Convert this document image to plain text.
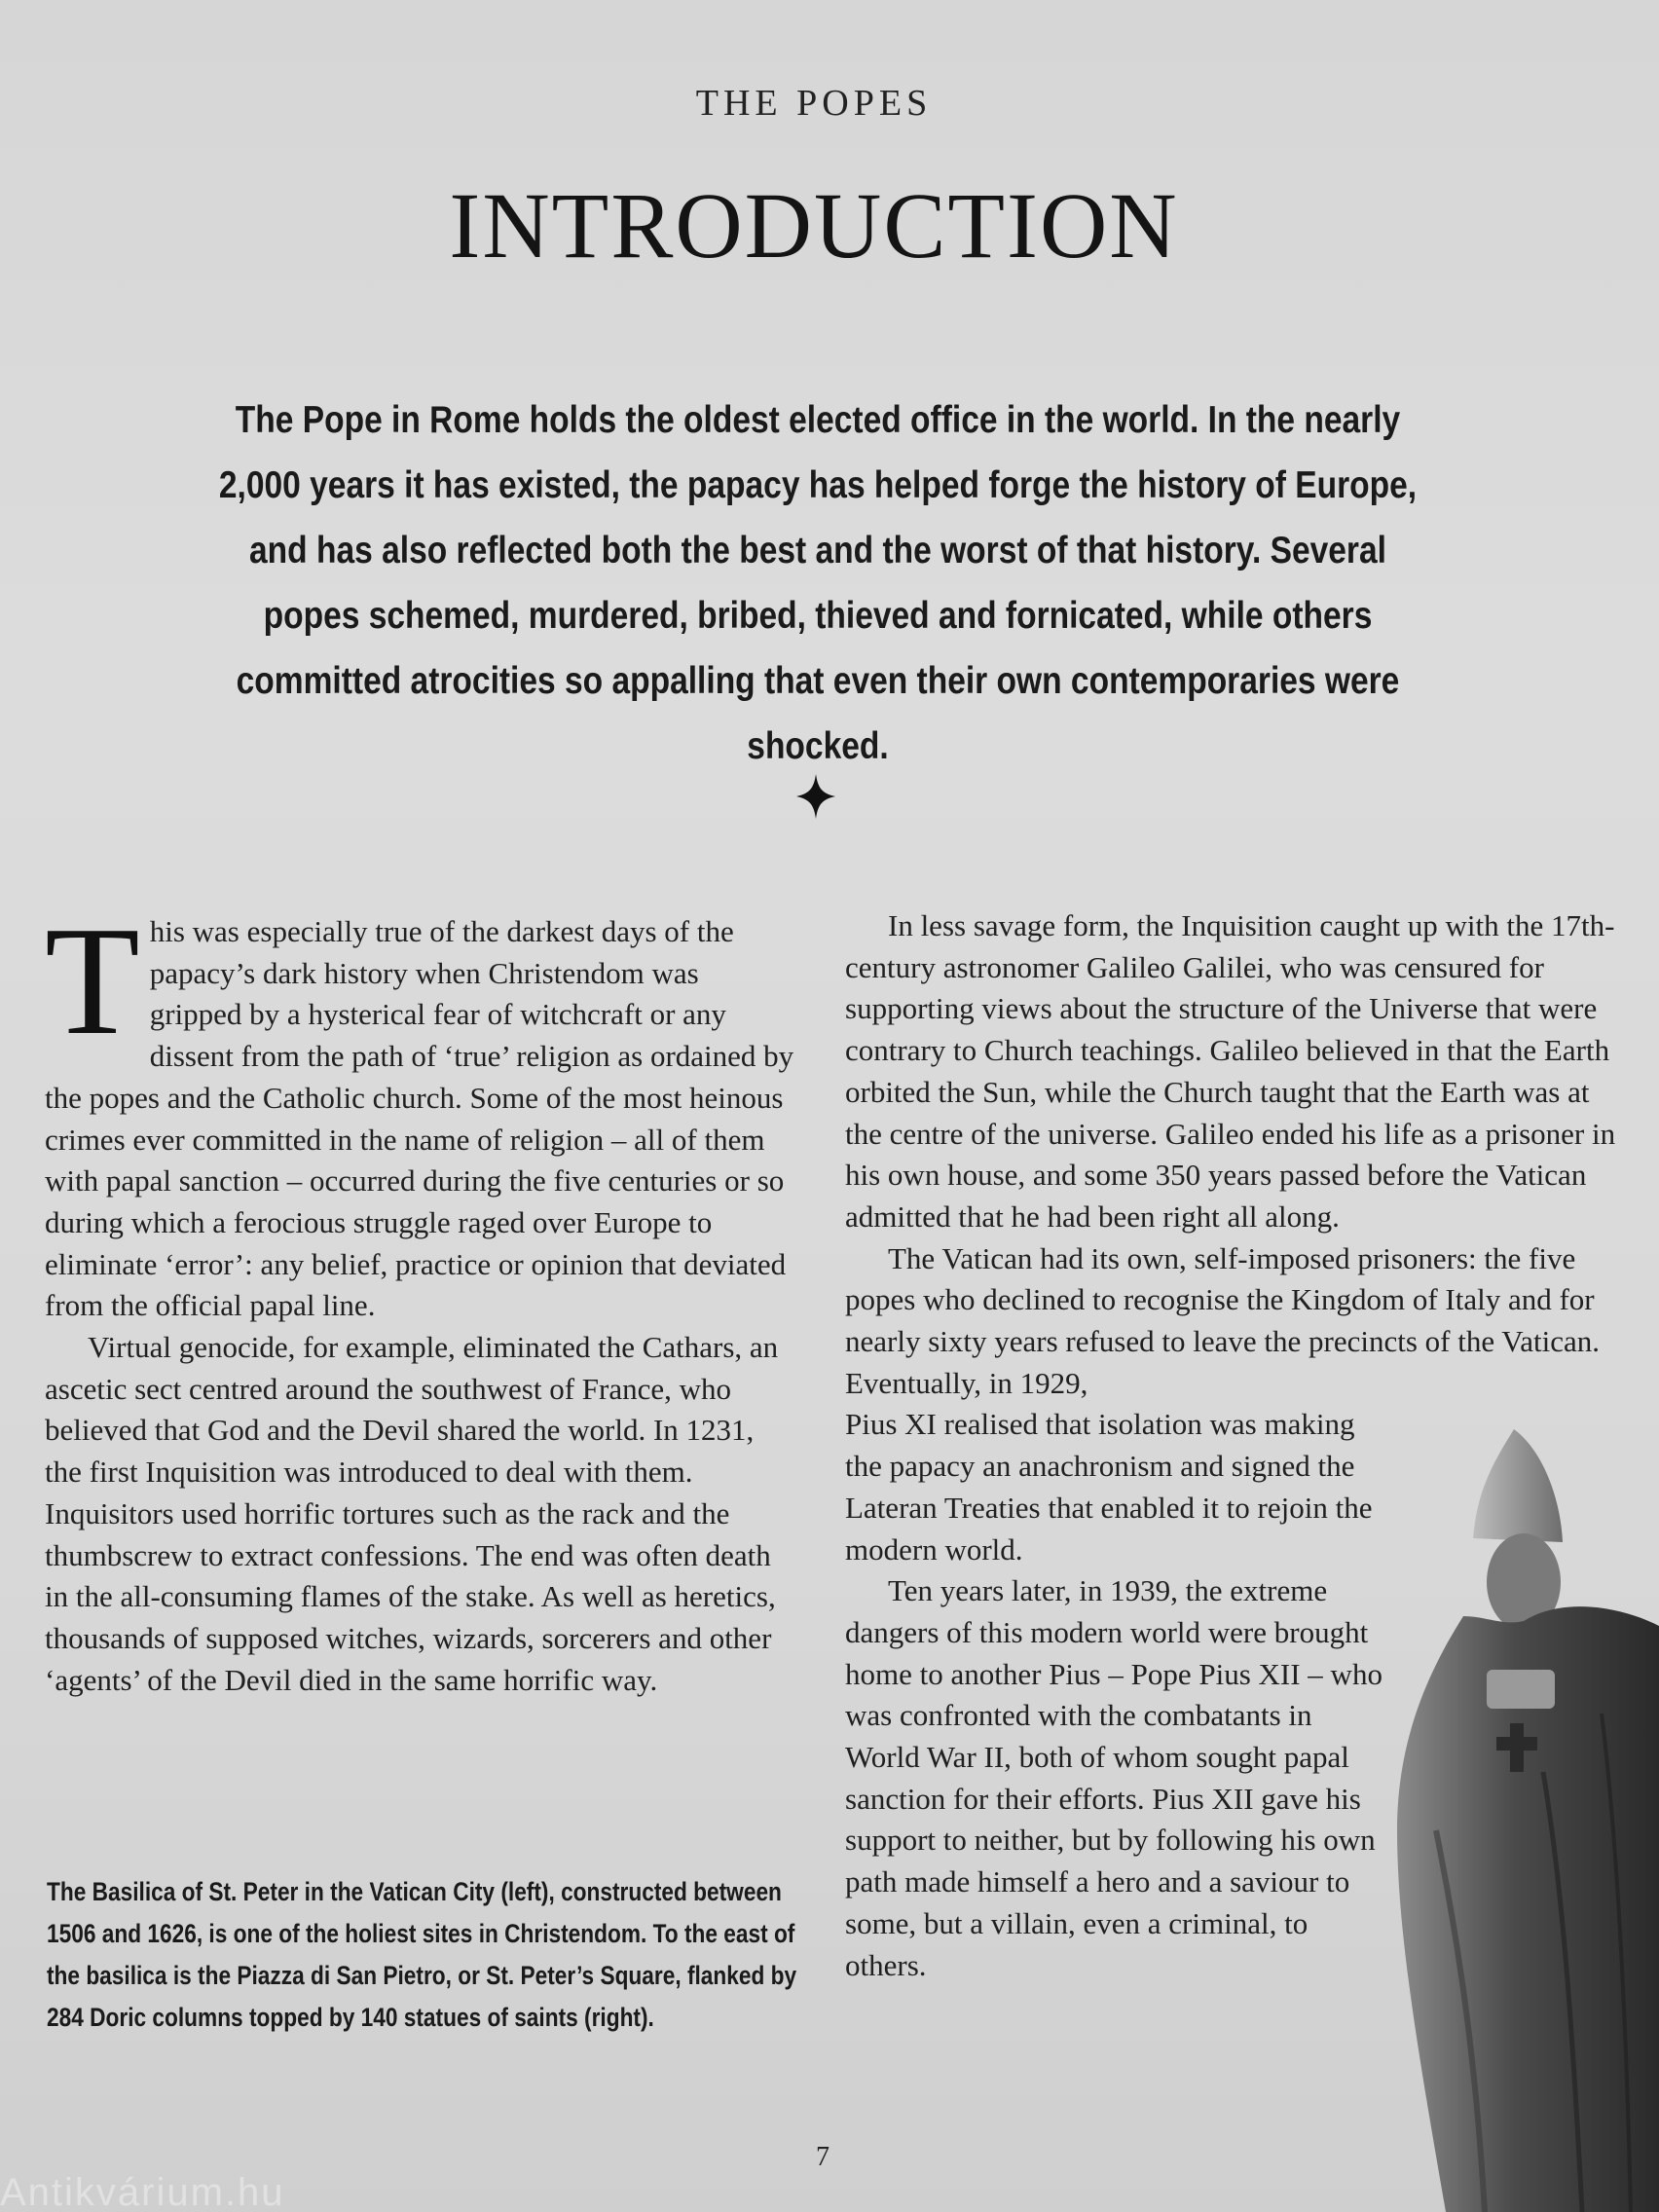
THE POPES
INTRODUCTION
The Pope in Rome holds the oldest elected office in the world. In the nearly 2,000 years it has existed, the papacy has helped forge the history of Europe, and has also reflected both the best and the worst of that history. Several popes schemed, murdered, bribed, thieved and fornicated, while others committed atrocities so appalling that even their own contemporaries were shocked.

This was especially true of the darkest days of the papacy’s dark history when Christendom was gripped by a hysterical fear of witchcraft or any dissent from the path of ‘true’ religion as ordained by the popes and the Catholic church. Some of the most heinous crimes ever committed in the name of religion – all of them with papal sanction – occurred during the five centuries or so during which a ferocious struggle raged over Europe to eliminate ‘error’: any belief, practice or opinion that deviated from the official papal line.

Virtual genocide, for example, eliminated the Cathars, an ascetic sect centred around the southwest of France, who believed that God and the Devil shared the world. In 1231, the first Inquisition was introduced to deal with them. Inquisitors used horrific tortures such as the rack and the thumbscrew to extract confessions. The end was often death in the all-consuming flames of the stake. As well as heretics, thousands of supposed witches, wizards, sorcerers and other ‘agents’ of the Devil died in the same horrific way.

The Basilica of St. Peter in the Vatican City (left), constructed between 1506 and 1626, is one of the holiest sites in Christendom. To the east of the basilica is the Piazza di San Pietro, or St. Peter’s Square, flanked by 284 Doric columns topped by 140 statues of saints (right).

In less savage form, the Inquisition caught up with the 17th-century astronomer Galileo Galilei, who was censured for supporting views about the structure of the Universe that were contrary to Church teachings. Galileo believed in that the Earth orbited the Sun, while the Church taught that the Earth was at the centre of the universe. Galileo ended his life as a prisoner in his own house, and some 350 years passed before the Vatican admitted that he had been right all along.

The Vatican had its own, self-imposed prisoners: the five popes who declined to recognise the Kingdom of Italy and for nearly sixty years refused to leave the precincts of the Vatican. Eventually, in 1929,

Pius XI realised that isolation was making the papacy an anachronism and signed the Lateran Treaties that enabled it to rejoin the modern world.

Ten years later, in 1939, the extreme dangers of this modern world were brought home to another Pius – Pope Pius XII – who was confronted with the combatants in World War II, both of whom sought papal sanction for their efforts. Pius XII gave his support to neither, but by following his own path made himself a hero and a saviour to some, but a villain, even a criminal, to others.

7
Antikvárium.hu
